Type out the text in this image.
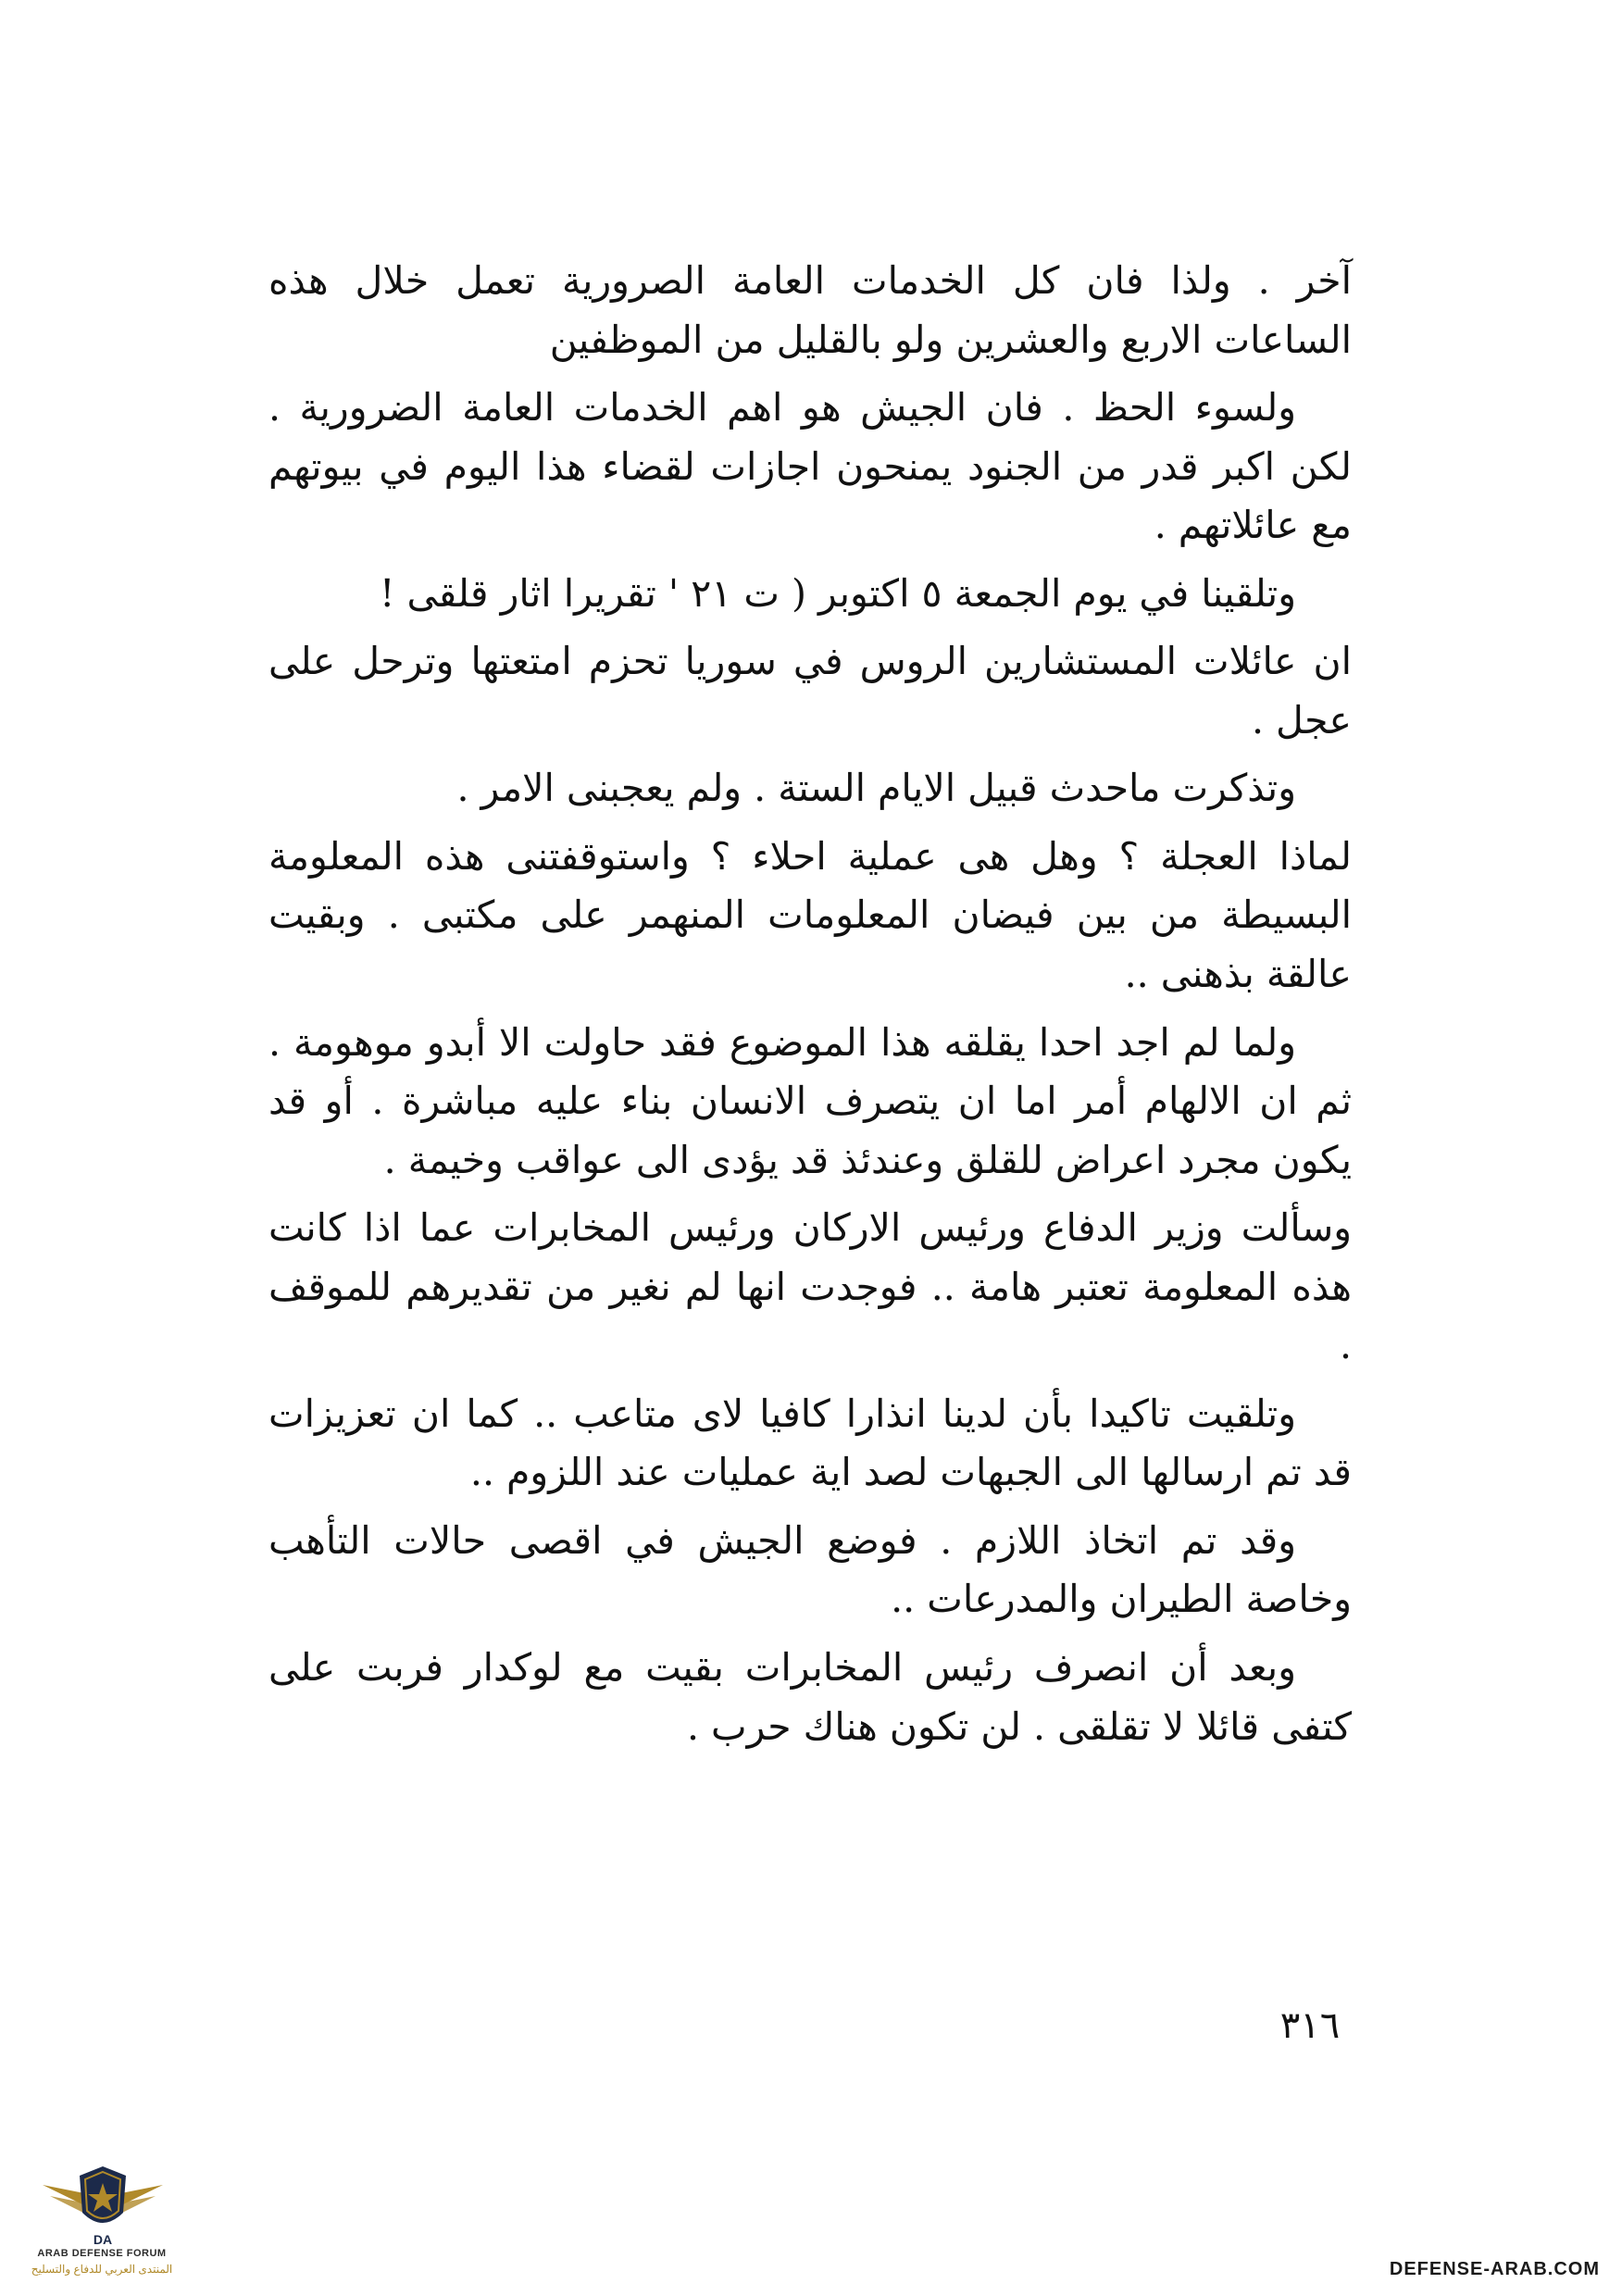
آخر . ولذا فان كل الخدمات العامة الصرورية تعمل خلال هذه الساعات الاربع والعشرين ولو بالقليل من الموظفين

ولسوء الحظ . فان الجيش هو اهم الخدمات العامة الضرورية . لكن اكبر قدر من الجنود يمنحون اجازات لقضاء هذا اليوم في بيوتهم مع عائلاتهم .

وتلقينا في يوم الجمعة ٥ اكتوبر ( ت ٢١ ' تقريرا اثار قلقى !

ان عائلات المستشارين الروس في سوريا تحزم امتعتها وترحل على عجل .

وتذكرت ماحدث قبيل الايام الستة . ولم يعجبنى الامر .

لماذا العجلة ؟ وهل هى عملية احلاء ؟ واستوقفتنى هذه المعلومة البسيطة من بين فيضان المعلومات المنهمر على مكتبى . وبقيت عالقة بذهنى ..

ولما لم اجد احدا يقلقه هذا الموضوع فقد حاولت الا أبدو موهومة . ثم ان الالهام أمر اما ان يتصرف الانسان بناء عليه مباشرة . أو قد يكون مجرد اعراض للقلق وعندئذ قد يؤدى الى عواقب وخيمة .

وسألت وزير الدفاع ورئيس الاركان ورئيس المخابرات عما اذا كانت هذه المعلومة تعتبر هامة .. فوجدت انها لم نغير من تقديرهم للموقف .

وتلقيت تاكيدا بأن لدينا انذارا كافيا لاى متاعب .. كما ان تعزيزات قد تم ارسالها الى الجبهات لصد اية عمليات عند اللزوم ..

وقد تم اتخاذ اللازم . فوضع الجيش في اقصى حالات التأهب وخاصة الطيران والمدرعات ..

وبعد أن انصرف رئيس المخابرات بقيت مع لوكدار فربت على كتفى قائلا لا تقلقى . لن تكون هناك حرب .

٣١٦
DA
ARAB DEFENSE FORUM
المنتدى العربي للدفاع والتسليح	DEFENSE-ARAB.COM
